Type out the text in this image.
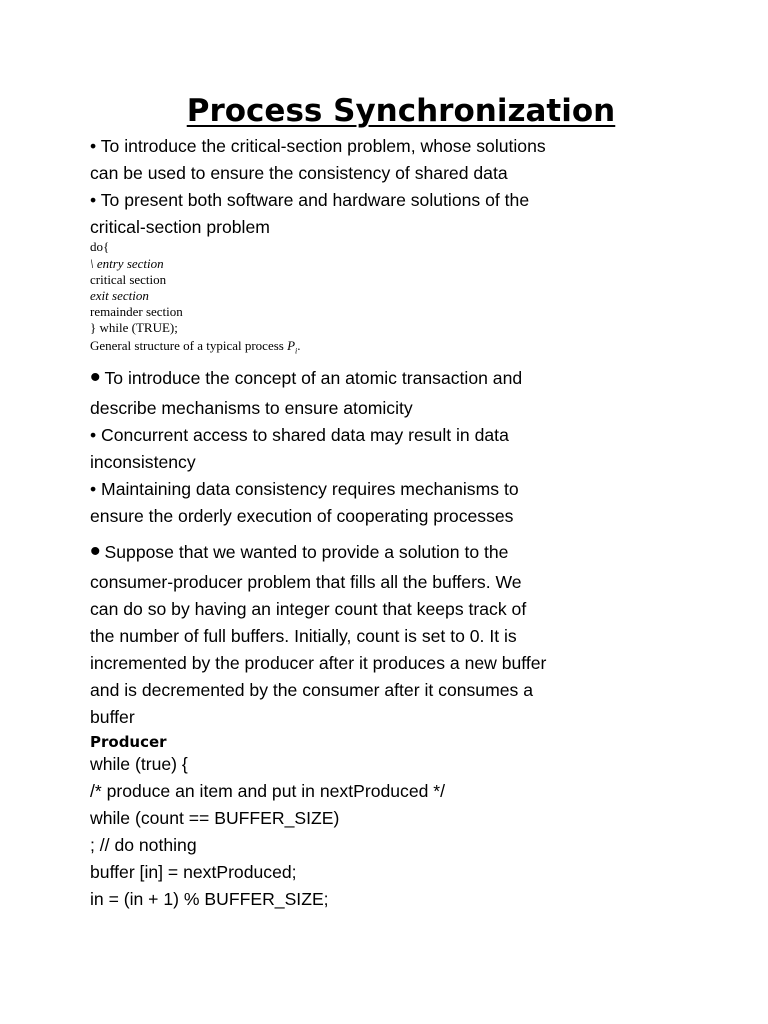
Process Synchronization
• To introduce the critical-section problem, whose solutions
can be used to ensure the consistency of shared data
• To present both software and hardware solutions of the
critical-section problem
do{
\ entry section
critical section
exit section
remainder section
} while (TRUE);
General structure of a typical process $P_i$.
• To introduce the concept of an atomic transaction and
describe mechanisms to ensure atomicity
• Concurrent access to shared data may result in data
inconsistency
• Maintaining data consistency requires mechanisms to
ensure the orderly execution of cooperating processes
• Suppose that we wanted to provide a solution to the
consumer-producer problem that fills all the buffers. We
can do so by having an integer count that keeps track of
the number of full buffers. Initially, count is set to 0. It is
incremented by the producer after it produces a new buffer
and is decremented by the consumer after it consumes a
buffer
Producer
while (true) {
/* produce an item and put in nextProduced */
while (count == BUFFER_SIZE)
; // do nothing
buffer [in] = nextProduced;
in = (in + 1) % BUFFER_SIZE;
